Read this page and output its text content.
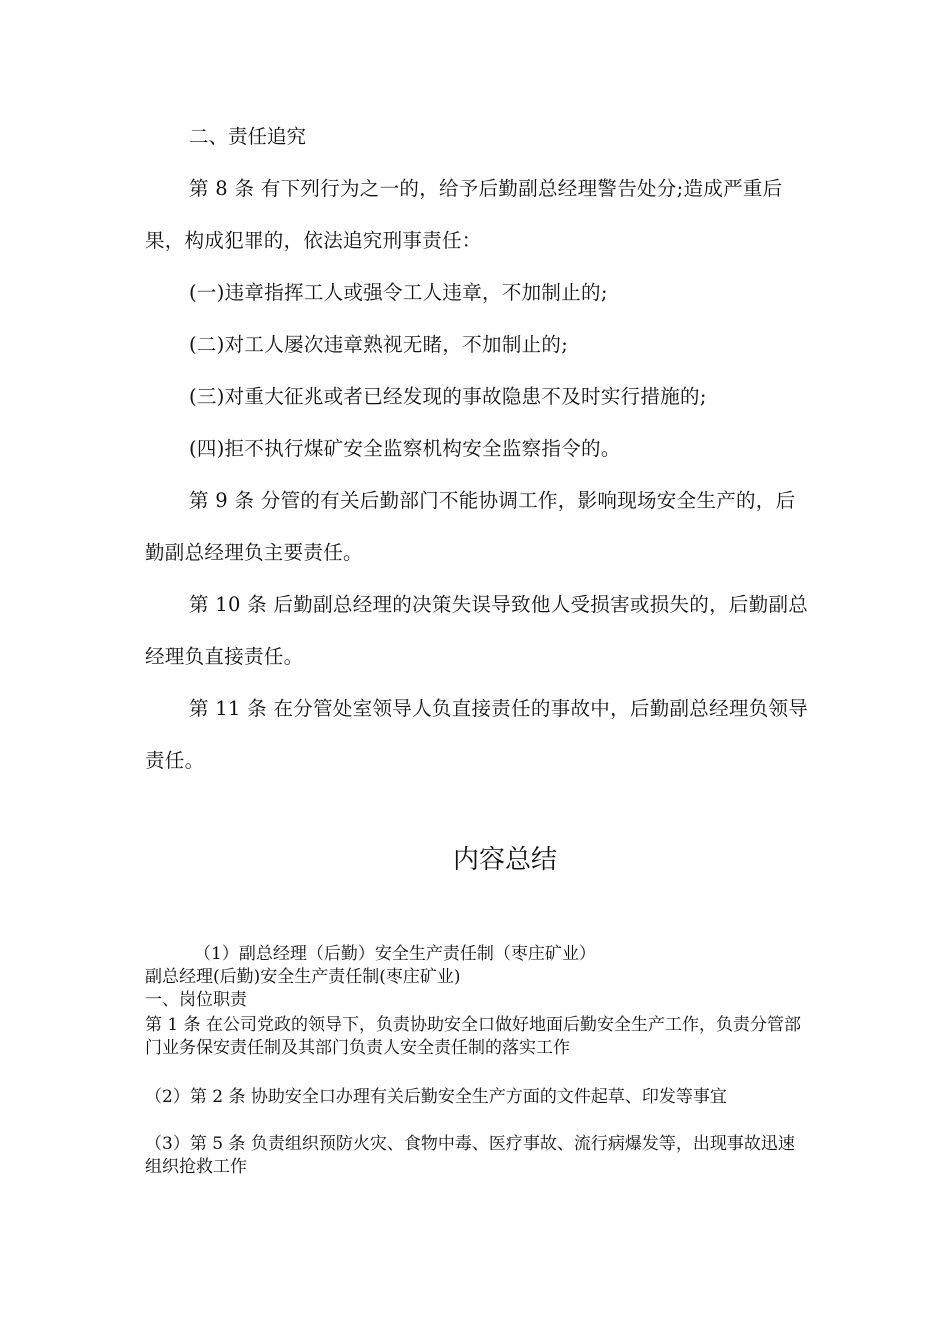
二、责任追究

第 8 条 有下列行为之一的，给予后勤副总经理警告处分;造成严重后果，构成犯罪的，依法追究刑事责任：

(一)违章指挥工人或强令工人违章，不加制止的;

(二)对工人屡次违章熟视无睹，不加制止的;

(三)对重大征兆或者已经发现的事故隐患不及时实行措施的;

(四)拒不执行煤矿安全监察机构安全监察指令的。

第 9 条 分管的有关后勤部门不能协调工作，影响现场安全生产的，后勤副总经理负主要责任。

第 10 条 后勤副总经理的决策失误导致他人受损害或损失的，后勤副总经理负直接责任。

第 11 条 在分管处室领导人负直接责任的事故中，后勤副总经理负领导责任。

内容总结

（1）副总经理（后勤）安全生产责任制（枣庄矿业）

副总经理(后勤)安全生产责任制(枣庄矿业)

一、岗位职责

第 1 条 在公司党政的领导下，负责协助安全口做好地面后勤安全生产工作，负责分管部门业务保安责任制及其部门负责人安全责任制的落实工作

（2）第 2 条 协助安全口办理有关后勤安全生产方面的文件起草、印发等事宜

（3）第 5 条 负责组织预防火灾、食物中毒、医疗事故、流行病爆发等，出现事故迅速组织抢救工作
